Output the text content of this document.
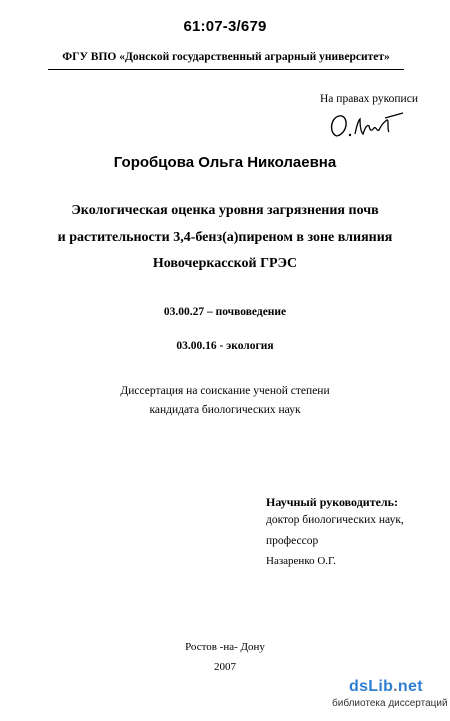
61:07-3/679
ФГУ ВПО «Донской государственный аграрный университет»
На правах рукописи
Горобцова Ольга Николаевна
Экологическая оценка уровня загрязнения почв
и растительности 3,4-бенз(а)пиреном в зоне влияния
Новочеркасской ГРЭС
03.00.27 – почвоведение
03.00.16 - экология
Диссертация на соискание ученой степени
кандидата биологических наук
Научный руководитель:
доктор биологических наук,
профессор
Назаренко О.Г.
Ростов -на- Дону
2007
dsLib.net
библиотека диссертаций
